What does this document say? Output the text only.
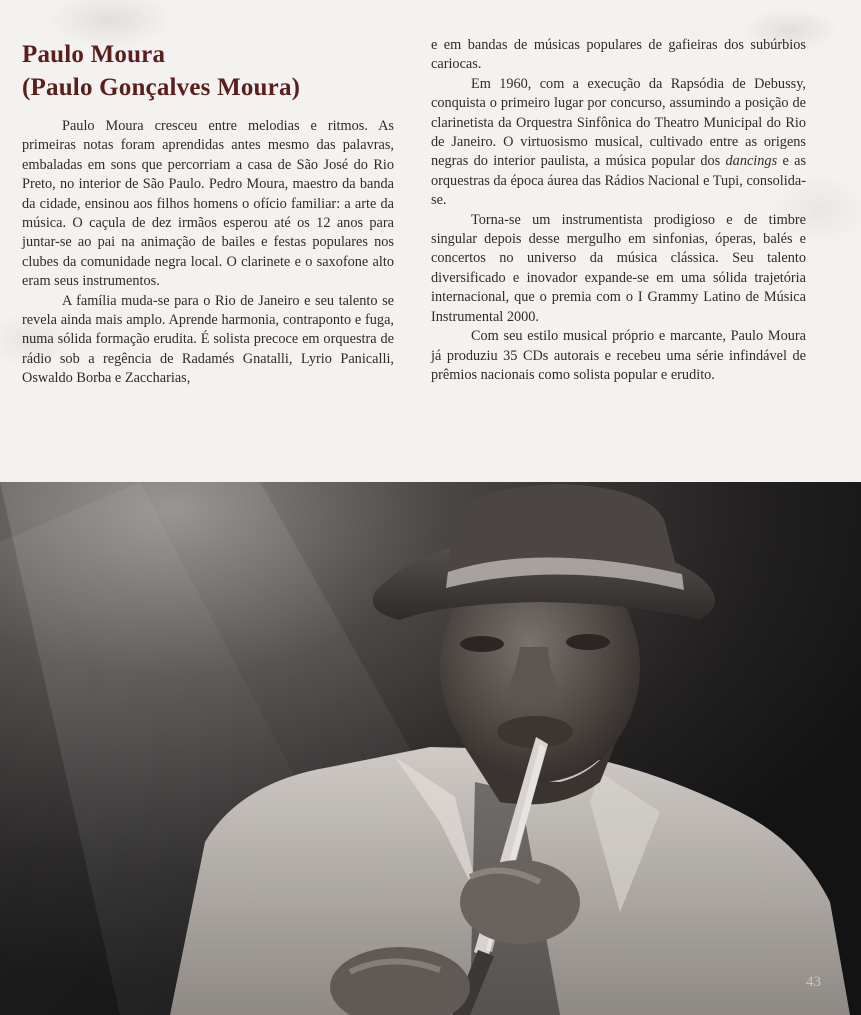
Paulo Moura
(Paulo Gonçalves Moura)

Paulo Moura cresceu entre melodias e ritmos. As primeiras notas foram aprendidas antes mesmo das palavras, embaladas em sons que percorriam a casa de São José do Rio Preto, no interior de São Paulo. Pedro Moura, maestro da banda da cidade, ensinou aos filhos homens o ofício familiar: a arte da música. O caçula de dez irmãos esperou até os 12 anos para juntar-se ao pai na animação de bailes e festas populares nos clubes da comunidade negra local. O clarinete e o saxofone alto eram seus instrumentos.

A família muda-se para o Rio de Janeiro e seu talento se revela ainda mais amplo. Aprende harmonia, contraponto e fuga, numa sólida formação erudita. É solista precoce em orquestra de rádio sob a regência de Radamés Gnatalli, Lyrio Panicalli, Oswaldo Borba e Zaccharias,

e em bandas de músicas populares de gafieiras dos subúrbios cariocas.

Em 1960, com a execução da Rapsódia de Debussy, conquista o primeiro lugar por concurso, assumindo a posição de clarinetista da Orquestra Sinfônica do Theatro Municipal do Rio de Janeiro. O virtuosismo musical, cultivado entre as origens negras do interior paulista, a música popular dos dancings e as orquestras da época áurea das Rádios Nacional e Tupi, consolida-se.

Torna-se um instrumentista prodigioso e de timbre singular depois desse mergulho em sinfonias, óperas, balés e concertos no universo da música clássica. Seu talento diversificado e inovador expande-se em uma sólida trajetória internacional, que o premia com o I Grammy Latino de Música Instrumental 2000.

Com seu estilo musical próprio e marcante, Paulo Moura já produziu 35 CDs autorais e recebeu uma série infindável de prêmios nacionais como solista popular e erudito.

43
